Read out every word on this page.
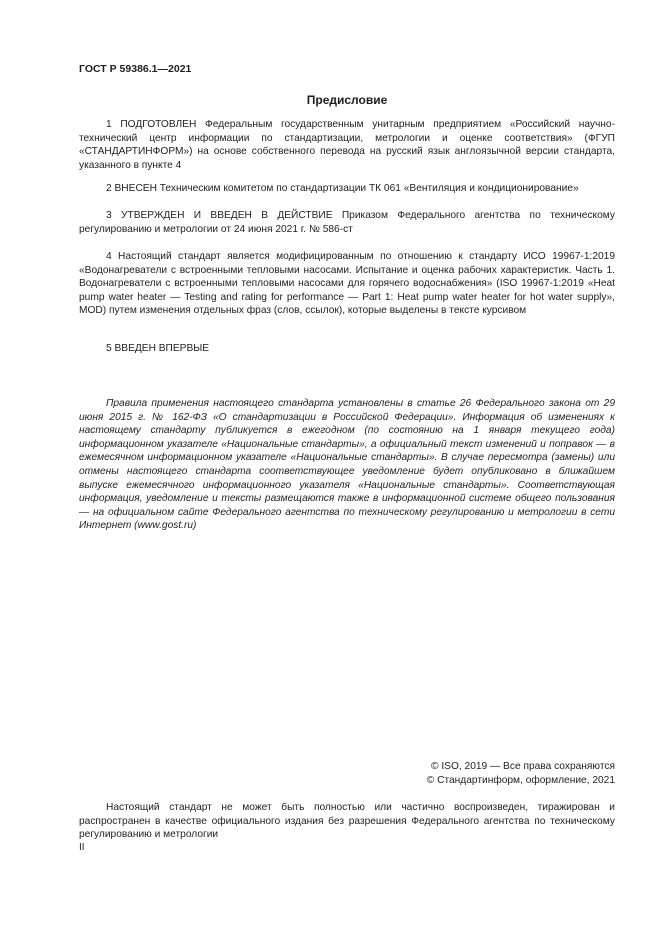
ГОСТ Р 59386.1—2021
Предисловие

1 ПОДГОТОВЛЕН Федеральным государственным унитарным предприятием «Российский научно-технический центр информации по стандартизации, метрологии и оценке соответствия» (ФГУП «СТАНДАРТИНФОРМ») на основе собственного перевода на русский язык англоязычной версии стандарта, указанного в пункте 4

2 ВНЕСЕН Техническим комитетом по стандартизации ТК 061 «Вентиляция и кондиционирование»

3 УТВЕРЖДЕН И ВВЕДЕН В ДЕЙСТВИЕ Приказом Федерального агентства по техническому регулированию и метрологии от 24 июня 2021 г. № 586-ст

4 Настоящий стандарт является модифицированным по отношению к стандарту ИСО 19967-1:2019 «Водонагреватели с встроенными тепловыми насосами. Испытание и оценка рабочих характеристик. Часть 1. Водонагреватели с встроенными тепловыми насосами для горячего водоснабжения» (ISO 19967-1:2019 «Heat pump water heater — Testing and rating for performance — Part 1: Heat pump water heater for hot water supply», MOD) путем изменения отдельных фраз (слов, ссылок), которые выделены в тексте курсивом

5 ВВЕДЕН ВПЕРВЫЕ

Правила применения настоящего стандарта установлены в статье 26 Федерального закона от 29 июня 2015 г. № 162-ФЗ «О стандартизации в Российской Федерации». Информация об изменениях к настоящему стандарту публикуется в ежегодном (по состоянию на 1 января текущего года) информационном указателе «Национальные стандарты», а официальный текст изменений и поправок — в ежемесячном информационном указателе «Национальные стандарты». В случае пересмотра (замены) или отмены настоящего стандарта соответствующее уведомление будет опубликовано в ближайшем выпуске ежемесячного информационного указателя «Национальные стандарты». Соответствующая информация, уведомление и тексты размещаются также в информационной системе общего пользования — на официальном сайте Федерального агентства по техническому регулированию и метрологии в сети Интернет (www.gost.ru)

© ISO, 2019 — Все права сохраняются

© Стандартинформ, оформление, 2021

Настоящий стандарт не может быть полностью или частично воспроизведен, тиражирован и распространен в качестве официального издания без разрешения Федерального агентства по техническому регулированию и метрологии

II
